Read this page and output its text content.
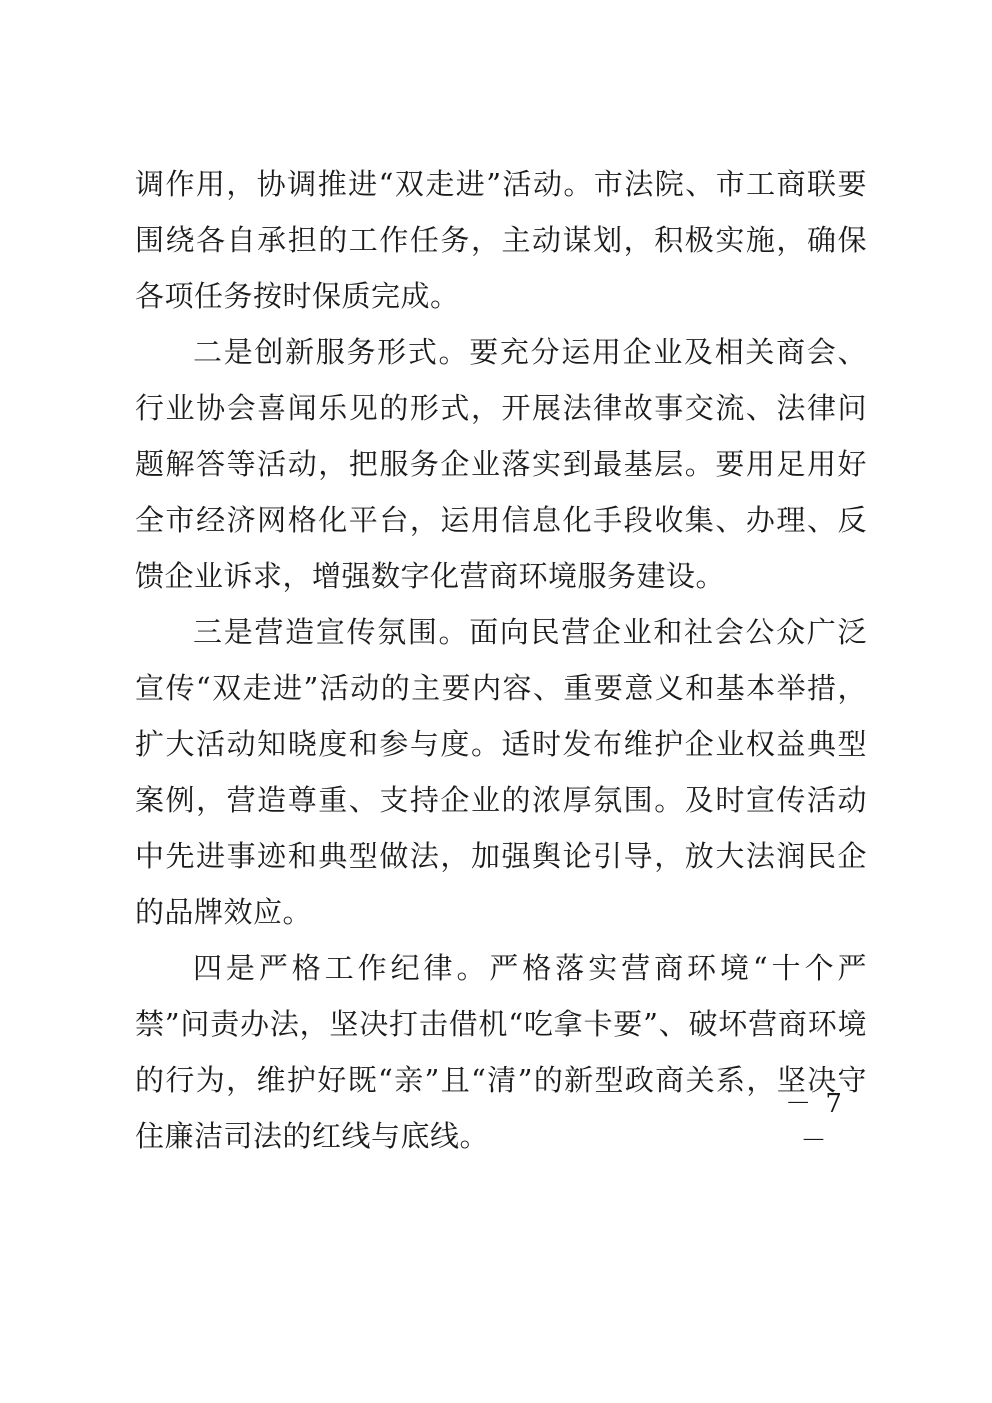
调作用，协调推进“双走进”活动。市法院、市工商联要围绕各自承担的工作任务，主动谋划，积极实施，确保各项任务按时保质完成。

二是创新服务形式。要充分运用企业及相关商会、行业协会喜闻乐见的形式，开展法律故事交流、法律问题解答等活动，把服务企业落实到最基层。要用足用好全市经济网格化平台，运用信息化手段收集、办理、反馈企业诉求，增强数字化营商环境服务建设。

三是营造宣传氛围。面向民营企业和社会公众广泛宣传“双走进”活动的主要内容、重要意义和基本举措，扩大活动知晓度和参与度。适时发布维护企业权益典型案例，营造尊重、支持企业的浓厚氛围。及时宣传活动中先进事迹和典型做法，加强舆论引导，放大法润民企的品牌效应。

四是严格工作纪律。严格落实营商环境“十个严禁”问责办法，坚决打击借机“吃拿卡要”、破坏营商环境的行为，维护好既“亲”且“清”的新型政商关系，坚决守住廉洁司法的红线与底线。

－ 7 －
